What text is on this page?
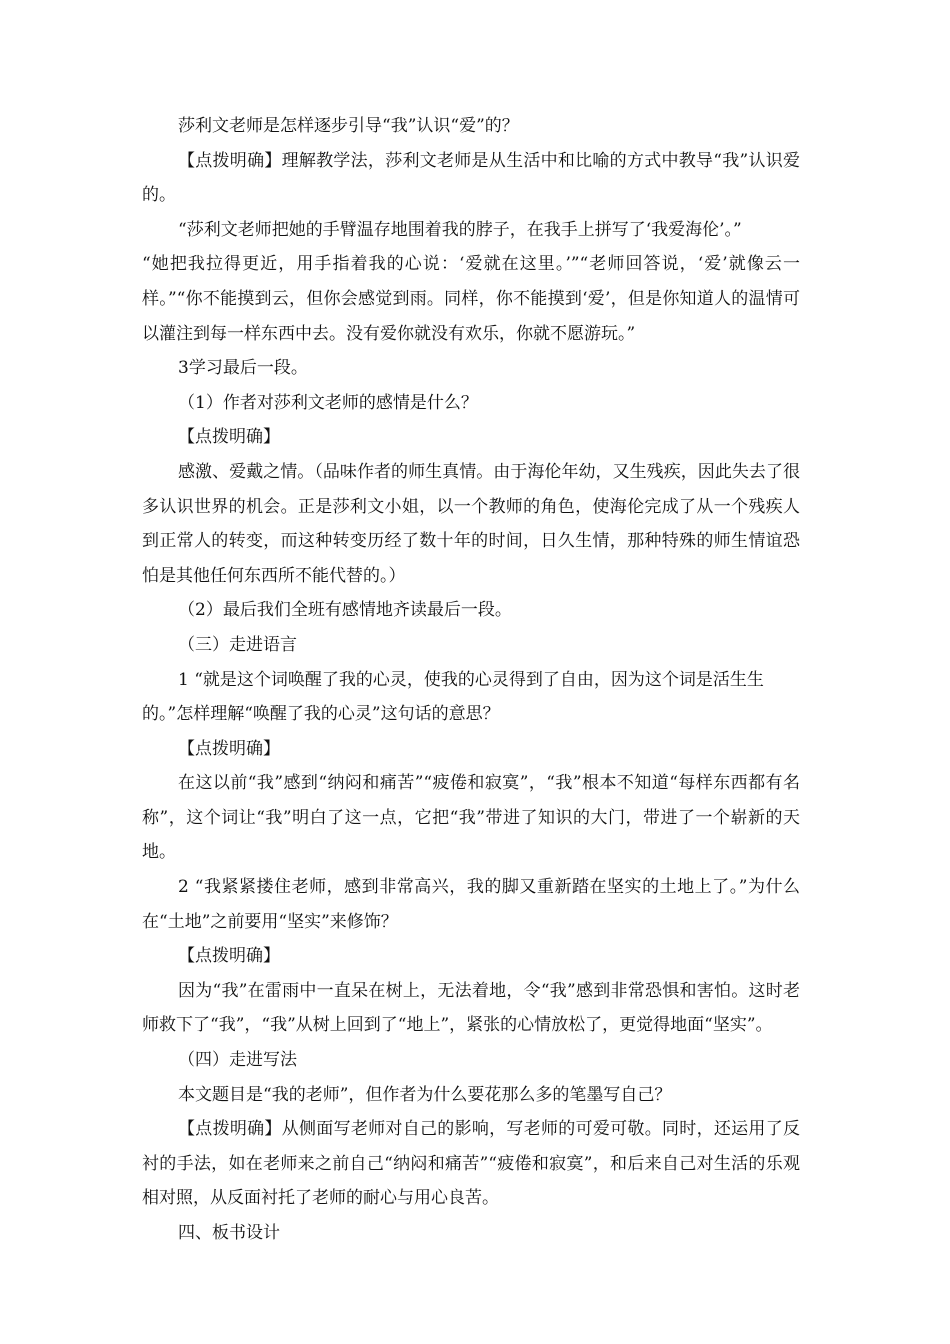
莎利文老师是怎样逐步引导“我”认识“爱”的？

【点拨明确】理解教学法，莎利文老师是从生活中和比喻的方式中教导“我”认识爱的。

“莎利文老师把她的手臂温存地围着我的脖子，在我手上拼写了‘我爱海伦’。”

“她把我拉得更近，用手指着我的心说：‘爱就在这里。’”“老师回答说，‘爱’就像云一样。”“你不能摸到云，但你会感觉到雨。同样，你不能摸到‘爱’，但是你知道人的温情可以灌注到每一样东西中去。没有爱你就没有欢乐，你就不愿游玩。”

3学习最后一段。

（1）作者对莎利文老师的感情是什么？

【点拨明确】

感激、爱戴之情。（品味作者的师生真情。由于海伦年幼，又生残疾，因此失去了很多认识世界的机会。正是莎利文小姐，以一个教师的角色，使海伦完成了从一个残疾人到正常人的转变，而这种转变历经了数十年的时间，日久生情，那种特殊的师生情谊恐怕是其他任何东西所不能代替的。）

（2）最后我们全班有感情地齐读最后一段。

（三）走进语言

1 “就是这个词唤醒了我的心灵，使我的心灵得到了自由，因为这个词是活生生

的。”怎样理解“唤醒了我的心灵”这句话的意思？

【点拨明确】

在这以前“我”感到“纳闷和痛苦”“疲倦和寂寞”，“我”根本不知道“每样东西都有名称”，这个词让“我”明白了这一点，它把“我”带进了知识的大门，带进了一个崭新的天地。

2 “我紧紧搂住老师，感到非常高兴，我的脚又重新踏在坚实的土地上了。”为什么在“土地”之前要用“坚实”来修饰？

【点拨明确】

因为“我”在雷雨中一直呆在树上，无法着地，令“我”感到非常恐惧和害怕。这时老师救下了“我”，“我”从树上回到了“地上”，紧张的心情放松了，更觉得地面“坚实”。

（四）走进写法

本文题目是“我的老师”，但作者为什么要花那么多的笔墨写自己？

【点拨明确】从侧面写老师对自己的影响，写老师的可爱可敬。同时，还运用了反衬的手法，如在老师来之前自己“纳闷和痛苦”“疲倦和寂寞”，和后来自己对生活的乐观相对照，从反面衬托了老师的耐心与用心良苦。

四、板书设计
